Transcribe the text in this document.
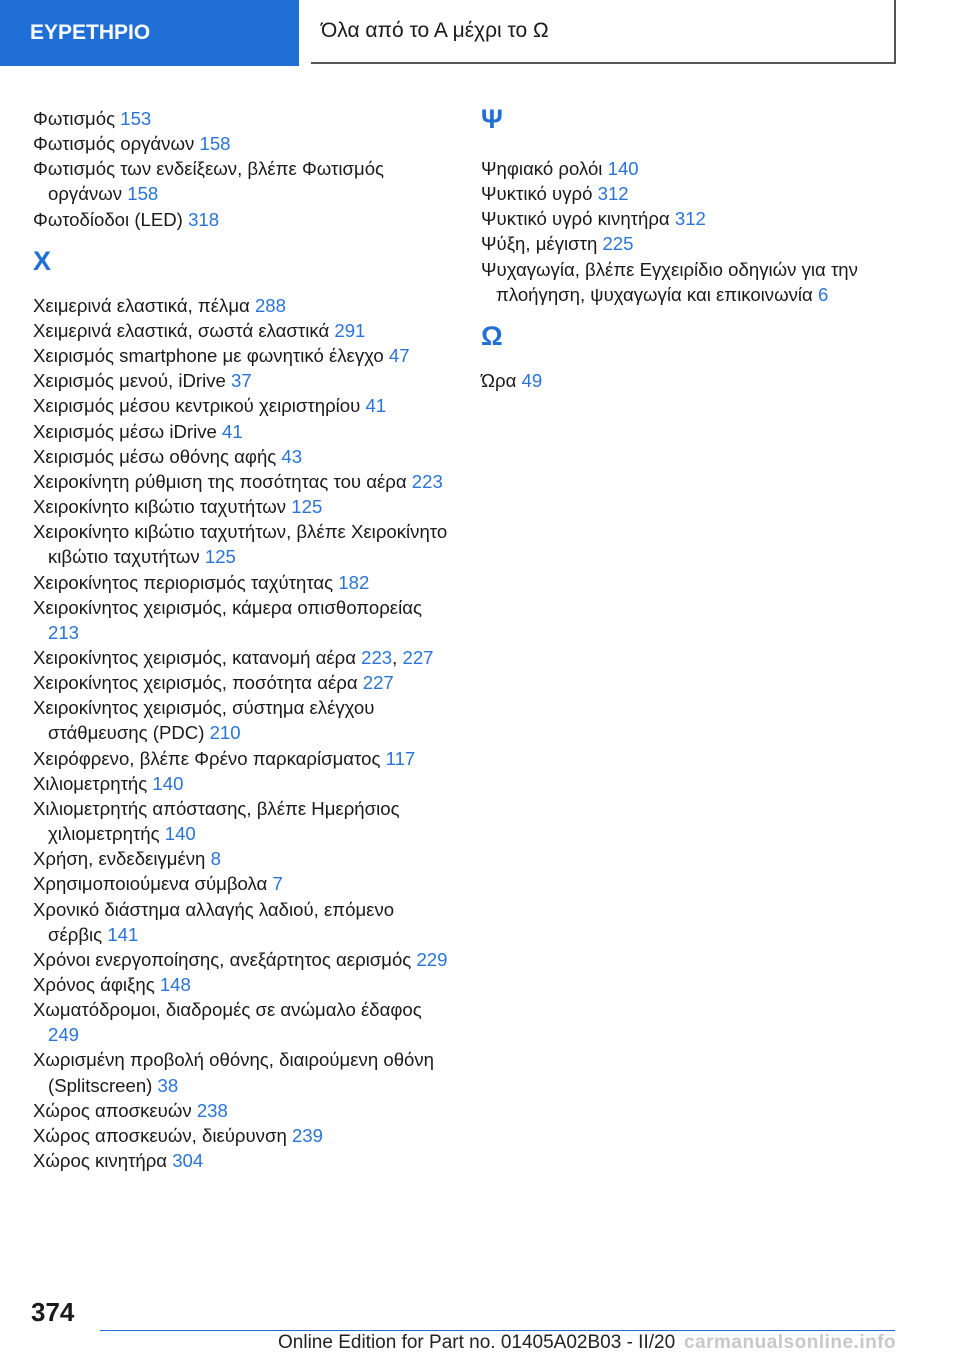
ΕΥΡΕΤΗΡΙΟ	Όλα από το Α μέχρι το Ω
Φωτισμός 153
Φωτισμός οργάνων 158
Φωτισμός των ενδείξεων, βλέπε Φωτισμός οργάνων 158
Φωτοδίοδοι (LED) 318
Χ
Χειμερινά ελαστικά, πέλμα 288
Χειμερινά ελαστικά, σωστά ελαστικά 291
Χειρισμός smartphone με φωνητικό έλεγχο 47
Χειρισμός μενού, iDrive 37
Χειρισμός μέσου κεντρικού χειριστηρίου 41
Χειρισμός μέσω iDrive 41
Χειρισμός μέσω οθόνης αφής 43
Χειροκίνητη ρύθμιση της ποσότητας του αέρα 223
Χειροκίνητο κιβώτιο ταχυτήτων 125
Χειροκίνητο κιβώτιο ταχυτήτων, βλέπε Χειροκίνητο κιβώτιο ταχυτήτων 125
Χειροκίνητος περιορισμός ταχύτητας 182
Χειροκίνητος χειρισμός, κάμερα οπισθοπορείας 213
Χειροκίνητος χειρισμός, κατανομή αέρα 223, 227
Χειροκίνητος χειρισμός, ποσότητα αέρα 227
Χειροκίνητος χειρισμός, σύστημα ελέγχου στάθμευσης (PDC) 210
Χειρόφρενο, βλέπε Φρένο παρκαρίσματος 117
Χιλιομετρητής 140
Χιλιομετρητής απόστασης, βλέπε Ημερήσιος χιλιομετρητής 140
Χρήση, ενδεδειγμένη 8
Χρησιμοποιούμενα σύμβολα 7
Χρονικό διάστημα αλλαγής λαδιού, επόμενο σέρβις 141
Χρόνοι ενεργοποίησης, ανεξάρτητος αερισμός 229
Χρόνος άφιξης 148
Χωματόδρομοι, διαδρομές σε ανώμαλο έδαφος 249
Χωρισμένη προβολή οθόνης, διαιρούμενη οθόνη (Splitscreen) 38
Χώρος αποσκευών 238
Χώρος αποσκευών, διεύρυνση 239
Χώρος κινητήρα 304
Ψ
Ψηφιακό ρολόι 140
Ψυκτικό υγρό 312
Ψυκτικό υγρό κινητήρα 312
Ψύξη, μέγιστη 225
Ψυχαγωγία, βλέπε Εγχειρίδιο οδηγιών για την πλοήγηση, ψυχαγωγία και επικοινωνία 6
Ω
Ώρα 49
374
Online Edition for Part no. 01405A02B03 - II/20 carmanualsonline.info
